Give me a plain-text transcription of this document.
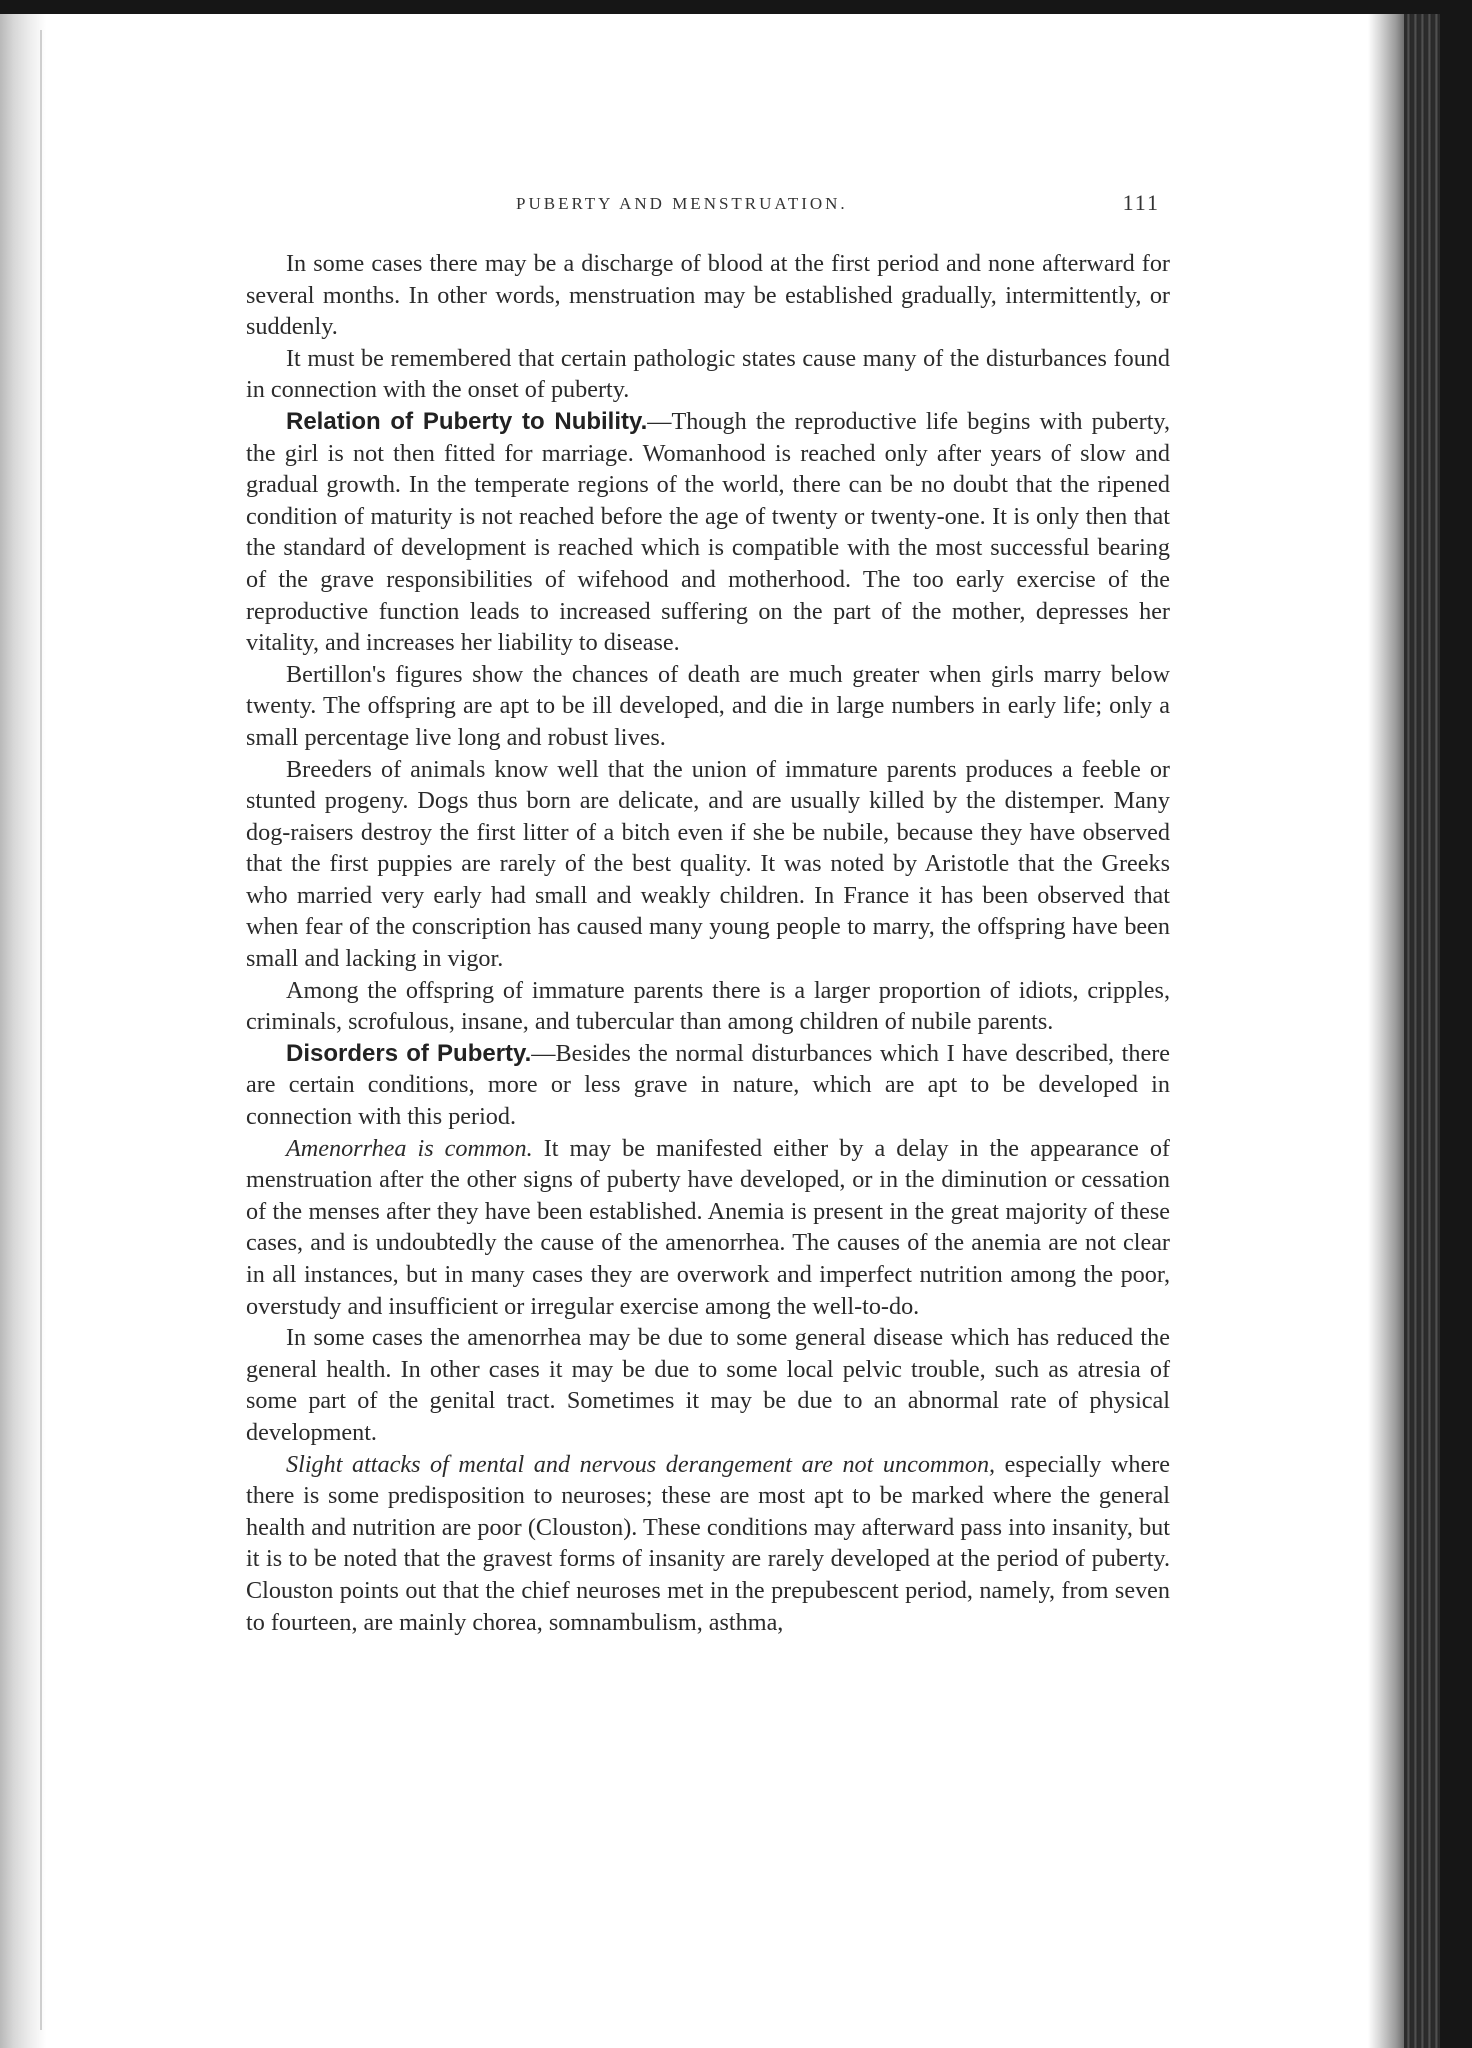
PUBERTY AND MENSTRUATION.	111

In some cases there may be a discharge of blood at the first period and none afterward for several months. In other words, menstruation may be established gradually, intermittently, or suddenly.

It must be remembered that certain pathologic states cause many of the disturbances found in connection with the onset of puberty.

Relation of Puberty to Nubility.—Though the reproductive life begins with puberty, the girl is not then fitted for marriage. Womanhood is reached only after years of slow and gradual growth. In the temperate regions of the world, there can be no doubt that the ripened condition of maturity is not reached before the age of twenty or twenty-one. It is only then that the standard of development is reached which is compatible with the most successful bearing of the grave responsibilities of wifehood and motherhood. The too early exercise of the reproductive function leads to increased suffering on the part of the mother, depresses her vitality, and increases her liability to disease.

Bertillon's figures show the chances of death are much greater when girls marry below twenty. The offspring are apt to be ill developed, and die in large numbers in early life; only a small percentage live long and robust lives.

Breeders of animals know well that the union of immature parents produces a feeble or stunted progeny. Dogs thus born are delicate, and are usually killed by the distemper. Many dog-raisers destroy the first litter of a bitch even if she be nubile, because they have observed that the first puppies are rarely of the best quality. It was noted by Aristotle that the Greeks who married very early had small and weakly children. In France it has been observed that when fear of the conscription has caused many young people to marry, the offspring have been small and lacking in vigor.

Among the offspring of immature parents there is a larger proportion of idiots, cripples, criminals, scrofulous, insane, and tubercular than among children of nubile parents.

Disorders of Puberty.—Besides the normal disturbances which I have described, there are certain conditions, more or less grave in nature, which are apt to be developed in connection with this period.

Amenorrhea is common. It may be manifested either by a delay in the appearance of menstruation after the other signs of puberty have developed, or in the diminution or cessation of the menses after they have been established. Anemia is present in the great majority of these cases, and is undoubtedly the cause of the amenorrhea. The causes of the anemia are not clear in all instances, but in many cases they are overwork and imperfect nutrition among the poor, overstudy and insufficient or irregular exercise among the well-to-do.

In some cases the amenorrhea may be due to some general disease which has reduced the general health. In other cases it may be due to some local pelvic trouble, such as atresia of some part of the genital tract. Sometimes it may be due to an abnormal rate of physical development.

Slight attacks of mental and nervous derangement are not uncommon, especially where there is some predisposition to neuroses; these are most apt to be marked where the general health and nutrition are poor (Clouston). These conditions may afterward pass into insanity, but it is to be noted that the gravest forms of insanity are rarely developed at the period of puberty. Clouston points out that the chief neuroses met in the prepubescent period, namely, from seven to fourteen, are mainly chorea, somnambulism, asthma,
